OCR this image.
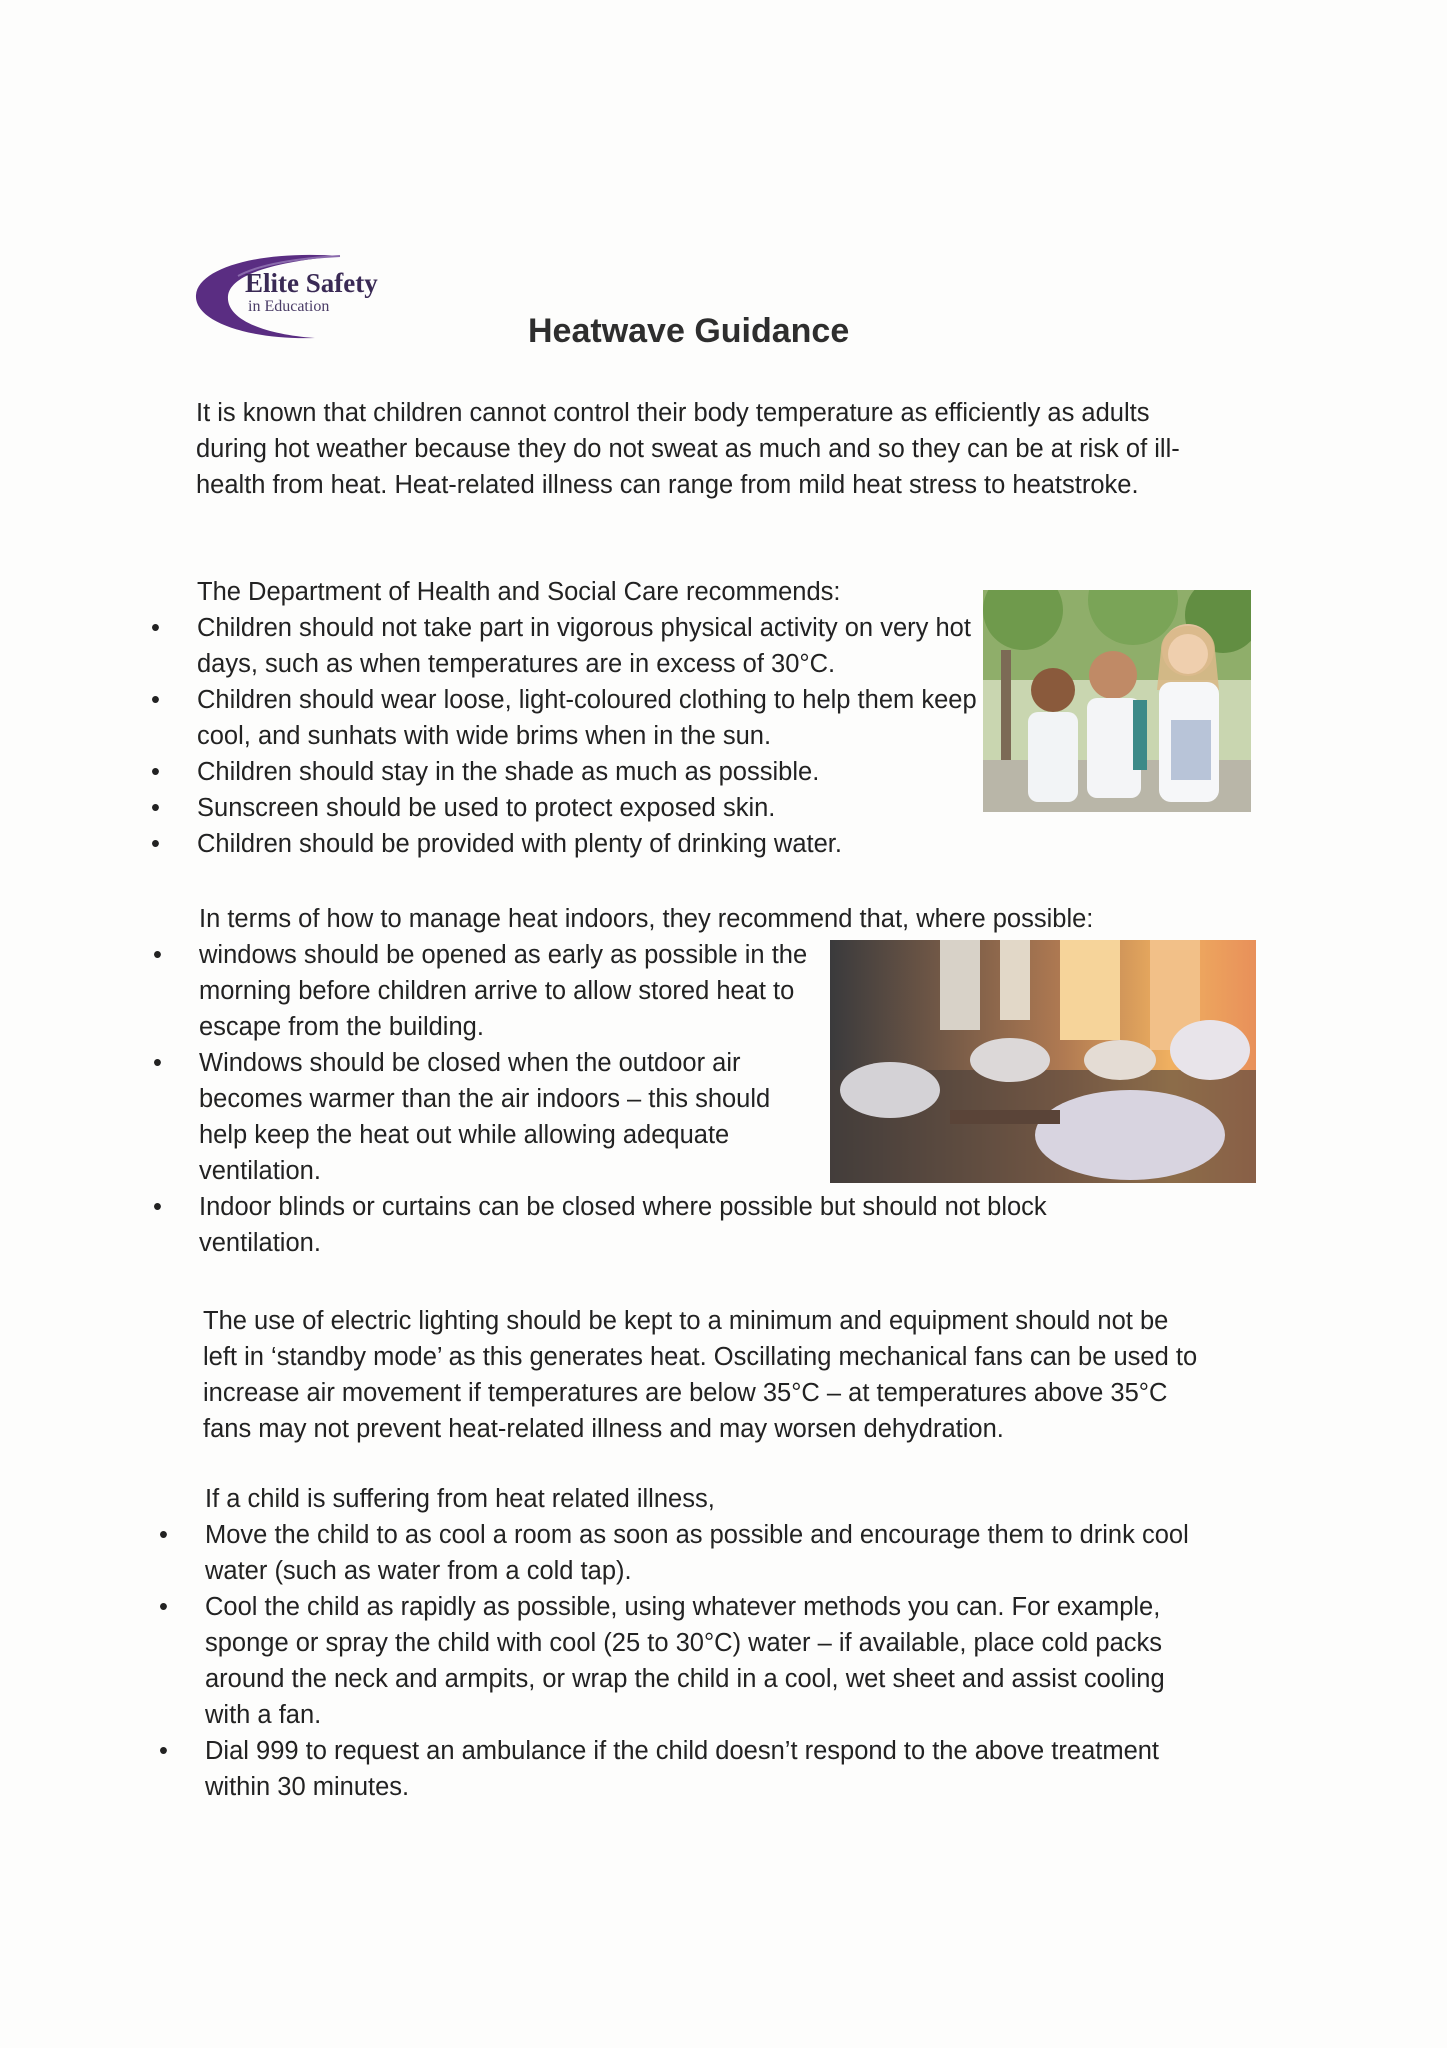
Elite Safety
in Education
Heatwave Guidance

It is known that children cannot control their body temperature as efficiently as adults during hot weather because they do not sweat as much and so they can be at risk of ill-health from heat. Heat-related illness can range from mild heat stress to heatstroke.

The Department of Health and Social Care recommends:

• Children should not take part in vigorous physical activity on very hot days, such as when temperatures are in excess of 30°C.
• Children should wear loose, light-coloured clothing to help them keep cool, and sunhats with wide brims when in the sun.
• Children should stay in the shade as much as possible.
• Sunscreen should be used to protect exposed skin.
• Children should be provided with plenty of drinking water.

In terms of how to manage heat indoors, they recommend that, where possible:

• windows should be opened as early as possible in the morning before children arrive to allow stored heat to escape from the building.
• Windows should be closed when the outdoor air becomes warmer than the air indoors – this should help keep the heat out while allowing adequate ventilation.
• Indoor blinds or curtains can be closed where possible but should not block ventilation.

The use of electric lighting should be kept to a minimum and equipment should not be left in ‘standby mode’ as this generates heat. Oscillating mechanical fans can be used to increase air movement if temperatures are below 35°C – at temperatures above 35°C fans may not prevent heat-related illness and may worsen dehydration.

If a child is suffering from heat related illness,

• Move the child to as cool a room as soon as possible and encourage them to drink cool water (such as water from a cold tap).
• Cool the child as rapidly as possible, using whatever methods you can. For example, sponge or spray the child with cool (25 to 30°C) water – if available, place cold packs around the neck and armpits, or wrap the child in a cool, wet sheet and assist cooling with a fan.
• Dial 999 to request an ambulance if the child doesn’t respond to the above treatment within 30 minutes.
